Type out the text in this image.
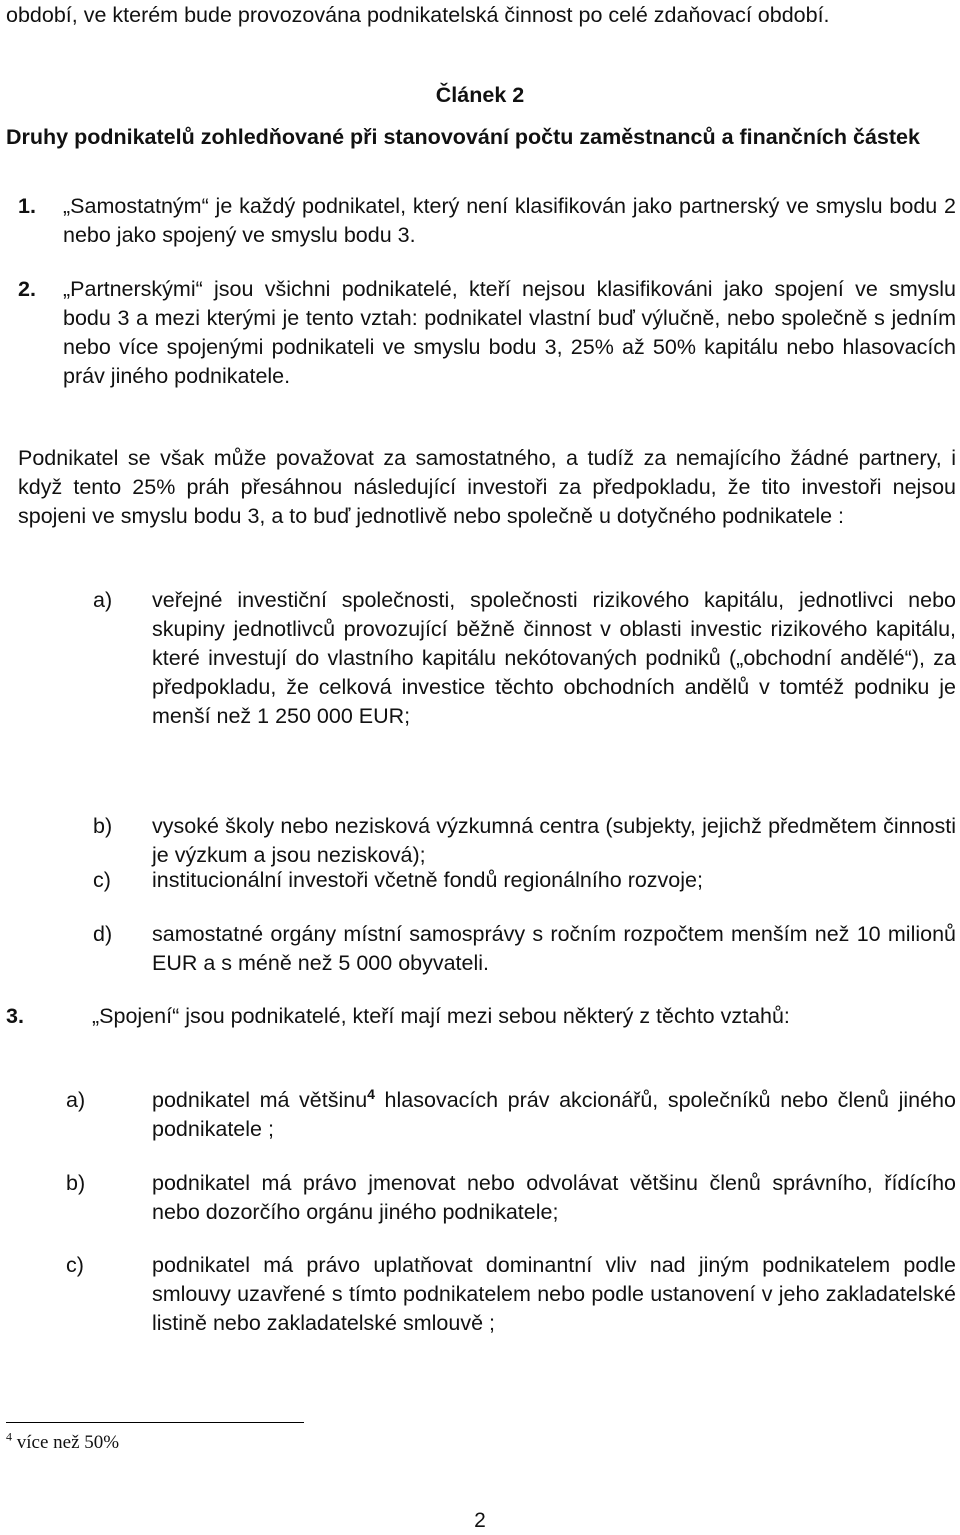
období, ve kterém bude provozována podnikatelská činnost po celé zdaňovací období.
Článek 2
Druhy podnikatelů zohledňované při stanovování počtu zaměstnanců a finančních částek
1. „Samostatným“ je každý podnikatel, který není klasifikován jako partnerský ve smyslu bodu 2 nebo jako spojený ve smyslu bodu 3.
2. „Partnerskými“ jsou všichni podnikatelé, kteří nejsou klasifikováni jako spojení ve smyslu bodu 3 a mezi kterými je tento vztah: podnikatel vlastní buď výlučně, nebo společně s jedním nebo více spojenými podnikateli ve smyslu bodu 3, 25% až 50% kapitálu nebo hlasovacích práv jiného podnikatele.
Podnikatel se však může považovat za samostatného, a tudíž za nemajícího žádné partnery, i když tento 25% práh přesáhnou následující investoři za předpokladu, že tito investoři nejsou spojeni ve smyslu bodu 3, a to buď jednotlivě nebo společně u dotyčného podnikatele :
a) veřejné investiční společnosti, společnosti rizikového kapitálu, jednotlivci nebo skupiny jednotlivců provozující běžně činnost v oblasti investic rizikového kapitálu, které investují do vlastního kapitálu nekótovaných podniků („obchodní andělé“), za předpokladu, že celková investice těchto obchodních andělů v tomtéž podniku je menší než 1 250 000 EUR;
b) vysoké školy nebo nezisková výzkumná centra (subjekty, jejichž předmětem činnosti je výzkum a jsou nezisková);
c) institucionální investoři včetně fondů regionálního rozvoje;
d) samostatné orgány místní samosprávy s ročním rozpočtem menším než 10 milionů EUR a s méně než 5 000 obyvateli.
3.	„Spojení“ jsou podnikatelé, kteří mají mezi sebou některý z těchto vztahů:
a)	podnikatel má většinu$^4$ hlasovacích práv akcionářů, společníků nebo členů jiného podnikatele ;
b)	podnikatel má právo jmenovat nebo odvolávat většinu členů správního, řídícího nebo dozorčího orgánu jiného podnikatele;
c)	podnikatel má právo uplatňovat dominantní vliv nad jiným podnikatelem podle smlouvy uzavřené s tímto podnikatelem nebo podle ustanovení v jeho zakladatelské listině nebo zakladatelské smlouvě ;
$^4$ více než 50%
2
